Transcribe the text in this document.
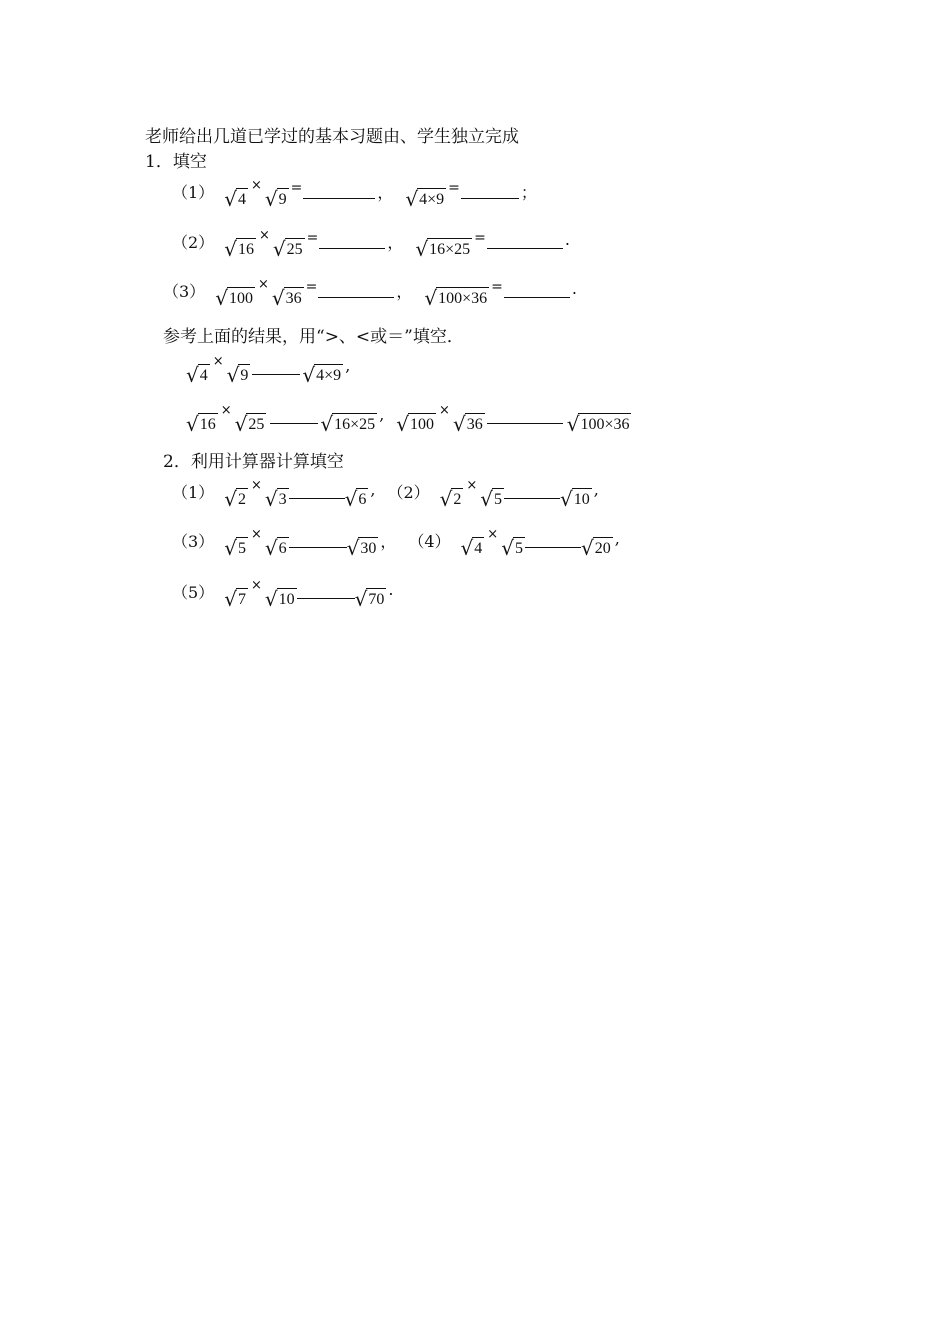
老师给出几道已学过的基本习题由、学生独立完成
1．填空
（1） √ 4
×
√ 9
=	， √ 4×9
=	；
（2） √ 16
×
√ 25
=	， √ 16×25
=	.
（3） √ 100
×
√ 36
=	， √ 100×36
=	.
参考上面的结果，用“>、<或＝”填空．
√ 4
×
√ 9	√ 4×9
,
√ 16
×
√ 25	√ 16×25
, √ 100
×
√ 36	√ 100×36
2．利用计算器计算填空
（1） √ 2
×
√ 3	√ 6
, （2） √ 2
×
√ 5	√ 10
,
（3） √ 5
×
√ 6	√ 30 ， （4） √ 4
×
√ 5	√ 20
,
（5） √ 7
×
√ 10	√ 70
.
